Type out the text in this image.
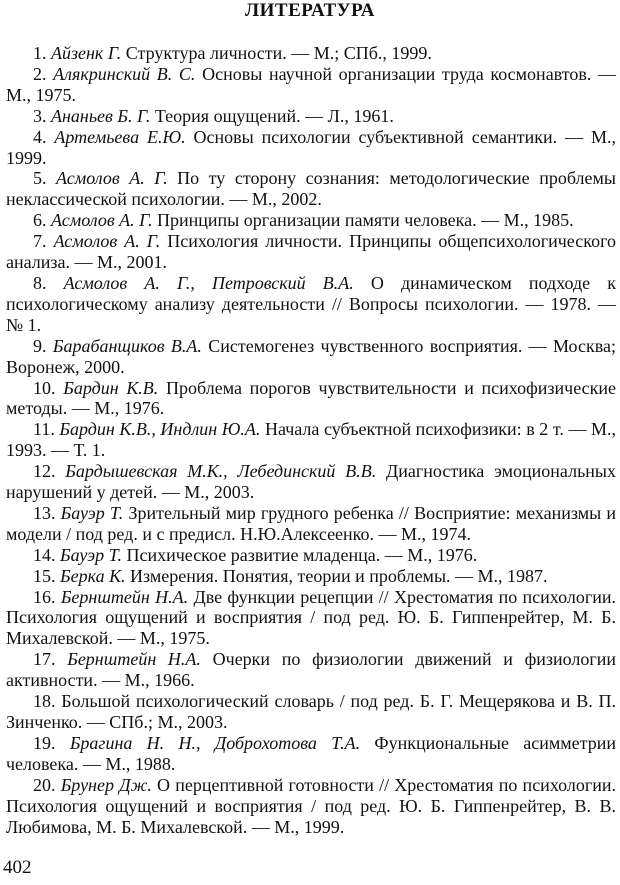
ЛИТЕРАТУРА

1. Айзенк Г. Структура личности. — М.; СПб., 1999.

2. Алякринский В. С. Основы научной организации труда космонавтов. — М., 1975.

3. Ананьев Б. Г. Теория ощущений. — Л., 1961.

4. Артемьева Е.Ю. Основы психологии субъективной семантики. — М., 1999.

5. Асмолов А. Г. По ту сторону сознания: методологические проблемы неклассической психологии. — М., 2002.

6. Асмолов А. Г. Принципы организации памяти человека. — М., 1985.

7. Асмолов А. Г. Психология личности. Принципы общепсихологического анализа. — М., 2001.

8. Асмолов А. Г., Петровский В.А. О динамическом подходе к психологическому анализу деятельности // Вопросы психологии. — 1978. — № 1.

9. Барабанщиков В.А. Системогенез чувственного восприятия. — Москва; Воронеж, 2000.

10. Бардин К.В. Проблема порогов чувствительности и психофизические методы. — М., 1976.

11. Бардин К.В., Индлин Ю.А. Начала субъектной психофизики: в 2 т. — М., 1993. — Т. 1.

12. Бардышевская М.К., Лебединский В.В. Диагностика эмоциональных нарушений у детей. — М., 2003.

13. Бауэр Т. Зрительный мир грудного ребенка // Восприятие: механизмы и модели / под ред. и с предисл. Н.Ю.Алексеенко. — М., 1974.

14. Бауэр Т. Психическое развитие младенца. — М., 1976.

15. Берка К. Измерения. Понятия, теории и проблемы. — М., 1987.

16. Бернштейн Н.А. Две функции рецепции // Хрестоматия по психологии. Психология ощущений и восприятия / под ред. Ю. Б. Гиппенрейтер, М. Б. Михалевской. — М., 1975.

17. Бернштейн Н.А. Очерки по физиологии движений и физиологии активности. — М., 1966.

18. Большой психологический словарь / под ред. Б. Г. Мещерякова и В. П. Зинченко. — СПб.; М., 2003.

19. Брагина Н. Н., Доброхотова Т.А. Функциональные асимметрии человека. — М., 1988.

20. Брунер Дж. О перцептивной готовности // Хрестоматия по психологии. Психология ощущений и восприятия / под ред. Ю. Б. Гиппенрейтер, В. В. Любимова, М. Б. Михалевской. — М., 1999.

402
